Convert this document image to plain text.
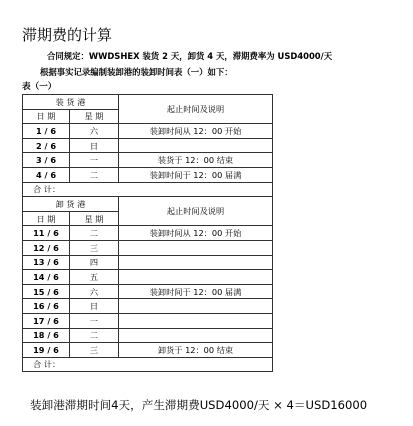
滞期费的计算
合同规定：WWDSHEX 装货 2 天，卸货 4 天，滞期费率为 USD4000/天
根据事实记录编制装卸港的装卸时间表（一）如下：
表（一）
装 货 港		起止时间及说明
日 期	星 期	
1 / 6	六	装卸时间从 12：00 开始
2 / 6	日	
3 / 6	一	装货于 12：00 结束
4 / 6	二	装卸时间于 12：00 届满
合 计：		
卸 货 港		起止时间及说明
日 期	星 期	
11 / 6	二	装卸时间从 12：00 开始
12 / 6	三	
13 / 6	四	
14 / 6	五	
15 / 6	六	装卸时间于 12：00 届满
16 / 6	日	
17 / 6	一	
18 / 6	二	
19 / 6	三	卸货于 12：00 结束
合 计：		
装卸港滞期时间4天，产生滞期费USD4000/天 × 4＝USD16000
